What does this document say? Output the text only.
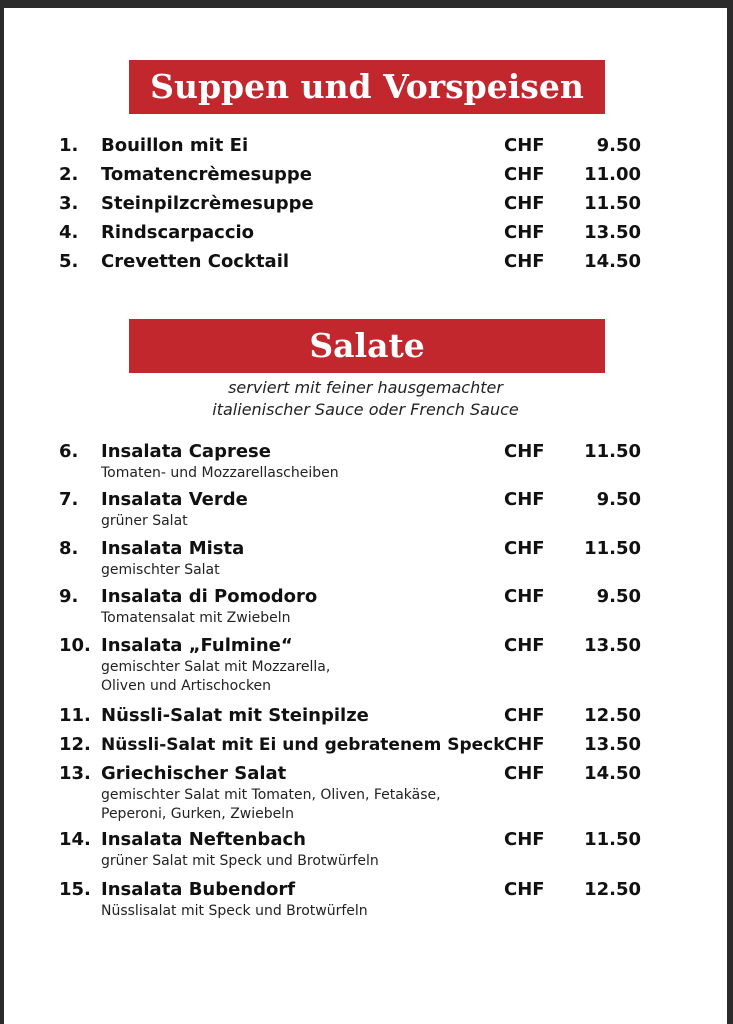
Suppen und Vorspeisen
1. Bouillon mit Ei	CHF	9.50
2. Tomatencrèmesuppe	CHF	11.00
3. Steinpilzcrèmesuppe	CHF	11.50
4. Rindscarpaccio	CHF	13.50
5. Crevetten Cocktail	CHF	14.50
Salate
serviert mit feiner hausgemachter
italienischer Sauce oder French Sauce
6. Insalata Caprese	CHF	11.50
Tomaten- und Mozzarellascheiben
7. Insalata Verde	CHF	9.50
grüner Salat
8. Insalata Mista	CHF	11.50
gemischter Salat
9. Insalata di Pomodoro	CHF	9.50
Tomatensalat mit Zwiebeln
10. Insalata „Fulmine“	CHF	13.50
gemischter Salat mit Mozzarella,
Oliven und Artischocken
11. Nüssli-Salat mit Steinpilze	CHF	12.50
12. Nüssli-Salat mit Ei und gebratenem Speck CHF	13.50
13. Griechischer Salat	CHF	14.50
gemischter Salat mit Tomaten, Oliven, Fetakäse,
Peperoni, Gurken, Zwiebeln
14. Insalata Neftenbach	CHF	11.50
grüner Salat mit Speck und Brotwürfeln
15. Insalata Bubendorf	CHF	12.50
Nüsslisalat mit Speck und Brotwürfeln
